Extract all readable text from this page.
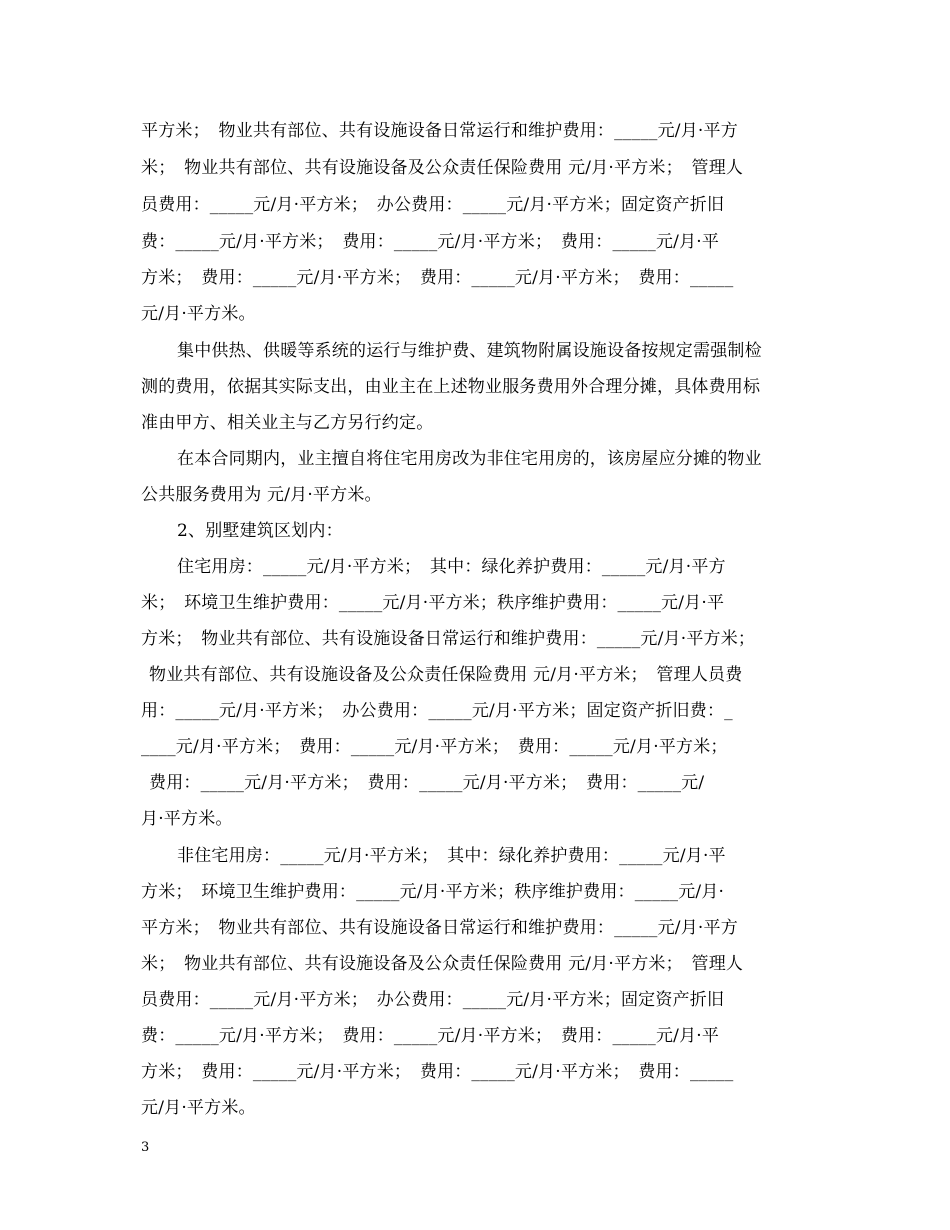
平方米；　物业共有部位、共有设施设备日常运行和维护费用：_____元/月·平方
米；　物业共有部位、共有设施设备及公众责任保险费用 元/月·平方米；　管理人
员费用：_____元/月·平方米；　办公费用：_____元/月·平方米；固定资产折旧
费：_____元/月·平方米；　费用：_____元/月·平方米；　费用：_____元/月·平
方米；　费用：_____元/月·平方米；　费用：_____元/月·平方米；　费用：_____
元/月·平方米。
集中供热、供暖等系统的运行与维护费、建筑物附属设施设备按规定需强制检
测的费用，依据其实际支出，由业主在上述物业服务费用外合理分摊，具体费用标
准由甲方、相关业主与乙方另行约定。
在本合同期内，业主擅自将住宅用房改为非住宅用房的，该房屋应分摊的物业
公共服务费用为 元/月·平方米。
2、别墅建筑区划内：
住宅用房：_____元/月·平方米；　其中：绿化养护费用：_____元/月·平方
米；　环境卫生维护费用：_____元/月·平方米；秩序维护费用：_____元/月·平
方米；　物业共有部位、共有设施设备日常运行和维护费用：_____元/月·平方米；
物业共有部位、共有设施设备及公众责任保险费用 元/月·平方米；　管理人员费
用：_____元/月·平方米；　办公费用：_____元/月·平方米；固定资产折旧费：_
____元/月·平方米；　费用：_____元/月·平方米；　费用：_____元/月·平方米；
费用：_____元/月·平方米；　费用：_____元/月·平方米；　费用：_____元/
月·平方米。
非住宅用房：_____元/月·平方米；　其中：绿化养护费用：_____元/月·平
方米；　环境卫生维护费用：_____元/月·平方米；秩序维护费用：_____元/月·
平方米；　物业共有部位、共有设施设备日常运行和维护费用：_____元/月·平方
米；　物业共有部位、共有设施设备及公众责任保险费用 元/月·平方米；　管理人
员费用：_____元/月·平方米；　办公费用：_____元/月·平方米；固定资产折旧
费：_____元/月·平方米；　费用：_____元/月·平方米；　费用：_____元/月·平
方米；　费用：_____元/月·平方米；　费用：_____元/月·平方米；　费用：_____
元/月·平方米。
3
